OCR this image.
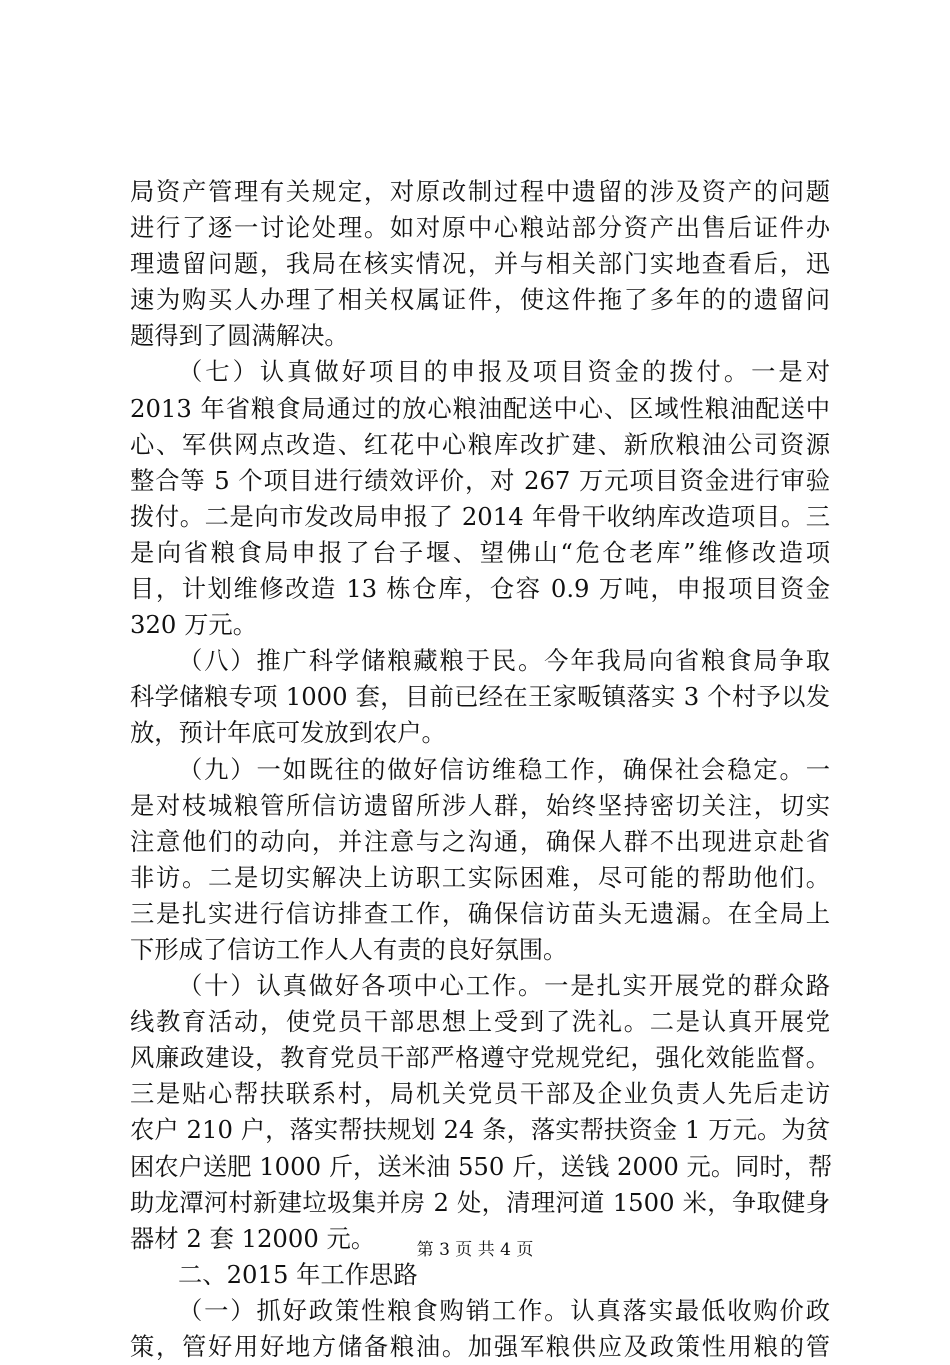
局资产管理有关规定，对原改制过程中遗留的涉及资产的问题
进行了逐一讨论处理。如对原中心粮站部分资产出售后证件办
理遗留问题，我局在核实情况，并与相关部门实地查看后，迅
速为购买人办理了相关权属证件，使这件拖了多年的的遗留问
题得到了圆满解决。
（七）认真做好项目的申报及项目资金的拨付。一是对
2013 年省粮食局通过的放心粮油配送中心、区域性粮油配送中
心、军供网点改造、红花中心粮库改扩建、新欣粮油公司资源
整合等 5 个项目进行绩效评价，对 267 万元项目资金进行审验
拨付。二是向市发改局申报了 2014 年骨干收纳库改造项目。三
是向省粮食局申报了台子堰、望佛山“危仓老库”维修改造项
目，计划维修改造 13 栋仓库，仓容 0.9 万吨，申报项目资金
320 万元。
（八）推广科学储粮藏粮于民。今年我局向省粮食局争取
科学储粮专项 1000 套，目前已经在王家畈镇落实 3 个村予以发
放，预计年底可发放到农户。
（九）一如既往的做好信访维稳工作，确保社会稳定。一
是对枝城粮管所信访遗留所涉人群，始终坚持密切关注，切实
注意他们的动向，并注意与之沟通，确保人群不出现进京赴省
非访。二是切实解决上访职工实际困难，尽可能的帮助他们。
三是扎实进行信访排查工作，确保信访苗头无遗漏。在全局上
下形成了信访工作人人有责的良好氛围。
（十）认真做好各项中心工作。一是扎实开展党的群众路
线教育活动，使党员干部思想上受到了洗礼。二是认真开展党
风廉政建设，教育党员干部严格遵守党规党纪，强化效能监督。
三是贴心帮扶联系村，局机关党员干部及企业负责人先后走访
农户 210 户，落实帮扶规划 24 条，落实帮扶资金 1 万元。为贫
困农户送肥 1000 斤，送米油 550 斤，送钱 2000 元。同时，帮
助龙潭河村新建垃圾集并房 2 处，清理河道 1500 米，争取健身
器材 2 套 12000 元。
二、2015 年工作思路
（一）抓好政策性粮食购销工作。认真落实最低收购价政
策，管好用好地方储备粮油。加强军粮供应及政策性用粮的管
第 3 页 共 4 页
